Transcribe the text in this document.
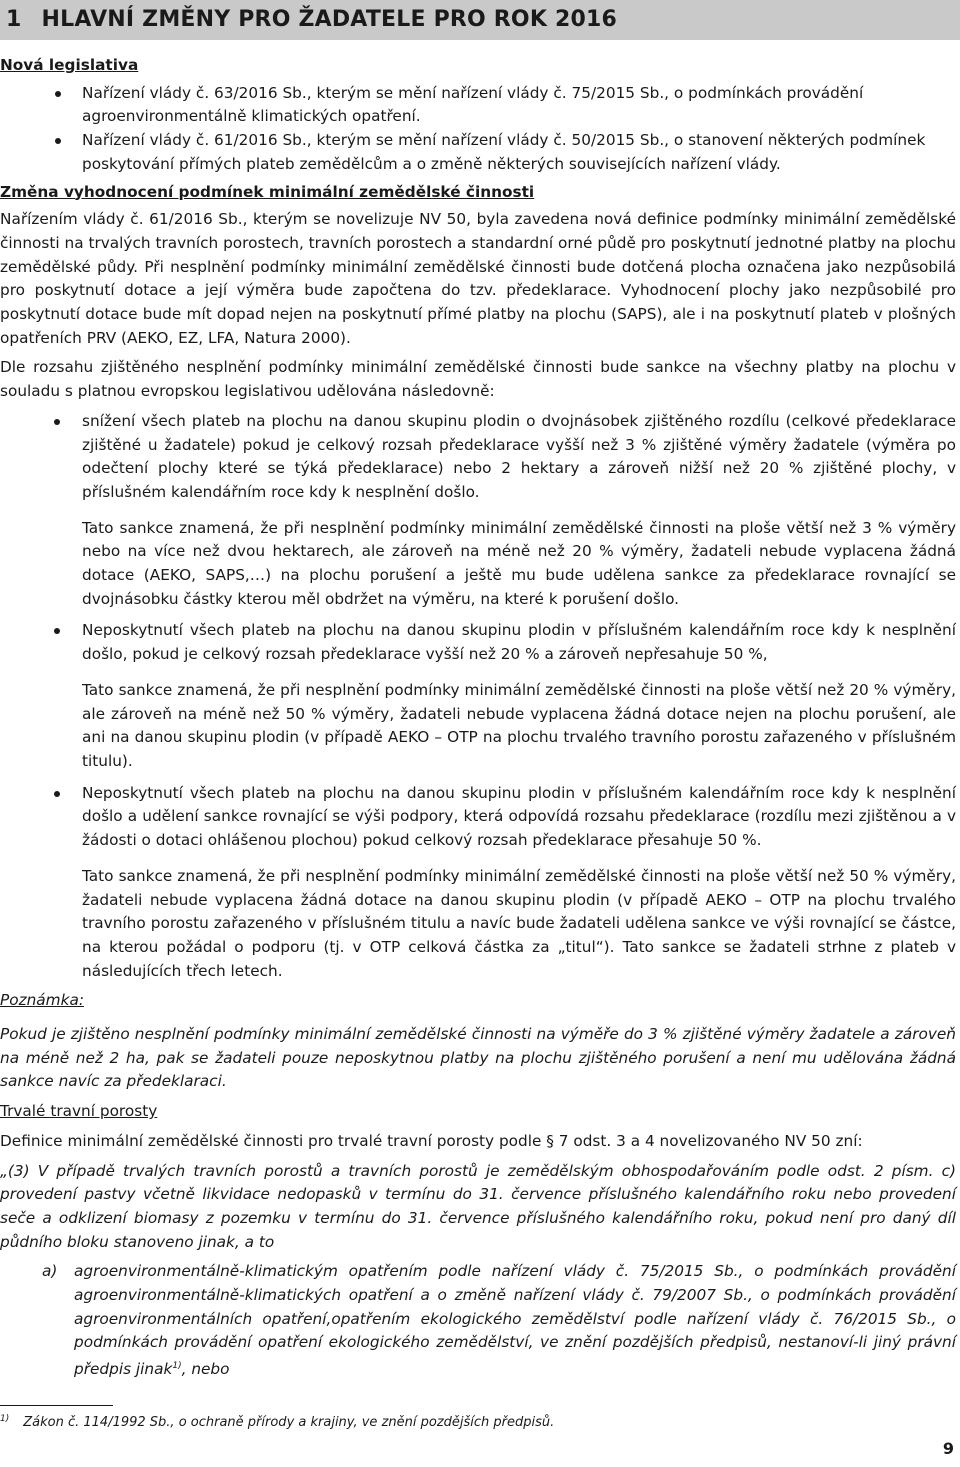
1 HLAVNÍ ZMĚNY PRO ŽADATELE PRO ROK 2016
Nová legislativa
Nařízení vlády č. 63/2016 Sb., kterým se mění nařízení vlády č. 75/2015 Sb., o podmínkách provádění agroenvironmentálně klimatických opatření.
Nařízení vlády č. 61/2016 Sb., kterým se mění nařízení vlády č. 50/2015 Sb., o stanovení některých podmínek poskytování přímých plateb zemědělcům a o změně některých souvisejících nařízení vlády.
Změna vyhodnocení podmínek minimální zemědělské činnosti

Nařízením vlády č. 61/2016 Sb., kterým se novelizuje NV 50, byla zavedena nová definice podmínky minimální zemědělské činnosti na trvalých travních porostech, travních porostech a standardní orné půdě pro poskytnutí jednotné platby na plochu zemědělské půdy. Při nesplnění podmínky minimální zemědělské činnosti bude dotčená plocha označena jako nezpůsobilá pro poskytnutí dotace a její výměra bude započtena do tzv. předeklarace. Vyhodnocení plochy jako nezpůsobilé pro poskytnutí dotace bude mít dopad nejen na poskytnutí přímé platby na plochu (SAPS), ale i na poskytnutí plateb v plošných opatřeních PRV (AEKO, EZ, LFA, Natura 2000).

Dle rozsahu zjištěného nesplnění podmínky minimální zemědělské činnosti bude sankce na všechny platby na plochu v souladu s platnou evropskou legislativou udělována následovně:

snížení všech plateb na plochu na danou skupinu plodin o dvojnásobek zjištěného rozdílu (celkové předeklarace zjištěné u žadatele) pokud je celkový rozsah předeklarace vyšší než 3 % zjištěné výměry žadatele (výměra po odečtení plochy které se týká předeklarace) nebo 2 hektary a zároveň nižší než 20 % zjištěné plochy, v příslušném kalendářním roce kdy k nesplnění došlo.
Tato sankce znamená, že při nesplnění podmínky minimální zemědělské činnosti na ploše větší než 3 % výměry nebo na více než dvou hektarech, ale zároveň na méně než 20 % výměry, žadateli nebude vyplacena žádná dotace (AEKO, SAPS,…) na plochu porušení a ještě mu bude udělena sankce za předeklarace rovnající se dvojnásobku částky kterou měl obdržet na výměru, na které k porušení došlo.
Neposkytnutí všech plateb na plochu na danou skupinu plodin v příslušném kalendářním roce kdy k nesplnění došlo, pokud je celkový rozsah předeklarace vyšší než 20 % a zároveň nepřesahuje 50 %,
Tato sankce znamená, že při nesplnění podmínky minimální zemědělské činnosti na ploše větší než 20 % výměry, ale zároveň na méně než 50 % výměry, žadateli nebude vyplacena žádná dotace nejen na plochu porušení, ale ani na danou skupinu plodin (v případě AEKO – OTP na plochu trvalého travního porostu zařazeného v příslušném titulu).
Neposkytnutí všech plateb na plochu na danou skupinu plodin v příslušném kalendářním roce kdy k nesplnění došlo a udělení sankce rovnající se výši podpory, která odpovídá rozsahu předeklarace (rozdílu mezi zjištěnou a v žádosti o dotaci ohlášenou plochou) pokud celkový rozsah předeklarace přesahuje 50 %.
Tato sankce znamená, že při nesplnění podmínky minimální zemědělské činnosti na ploše větší než 50 % výměry, žadateli nebude vyplacena žádná dotace na danou skupinu plodin (v případě AEKO – OTP na plochu trvalého travního porostu zařazeného v příslušném titulu a navíc bude žadateli udělena sankce ve výši rovnající se částce, na kterou požádal o podporu (tj. v OTP celková částka za „titul“). Tato sankce se žadateli strhne z plateb v následujících třech letech.
Poznámka:

Pokud je zjištěno nesplnění podmínky minimální zemědělské činnosti na výměře do 3 % zjištěné výměry žadatele a zároveň na méně než 2 ha, pak se žadateli pouze neposkytnou platby na plochu zjištěného porušení a není mu udělována žádná sankce navíc za předeklaraci.

Trvalé travní porosty

Definice minimální zemědělské činnosti pro trvalé travní porosty podle § 7 odst. 3 a 4 novelizovaného NV 50 zní:

„(3) V případě trvalých travních porostů a travních porostů je zemědělským obhospodařováním podle odst. 2 písm. c) provedení pastvy včetně likvidace nedopasků v termínu do 31. července příslušného kalendářního roku nebo provedení seče a odklizení biomasy z pozemku v termínu do 31. července příslušného kalendářního roku, pokud není pro daný díl půdního bloku stanoveno jinak, a to

a) agroenvironmentálně-klimatickým opatřením podle nařízení vlády č. 75/2015 Sb., o podmínkách provádění agroenvironmentálně-klimatických opatření a o změně nařízení vlády č. 79/2007 Sb., o podmínkách provádění agroenvironmentálních opatření,opatřením ekologického zemědělství podle nařízení vlády č. 76/2015 Sb., o podmínkách provádění opatření ekologického zemědělství, ve znění pozdějších předpisů, nestanoví-li jiný právní předpis jinak$^{1)}$, nebo
$^{1)}$ Zákon č. 114/1992 Sb., o ochraně přírody a krajiny, ve znění pozdějších předpisů.
9
